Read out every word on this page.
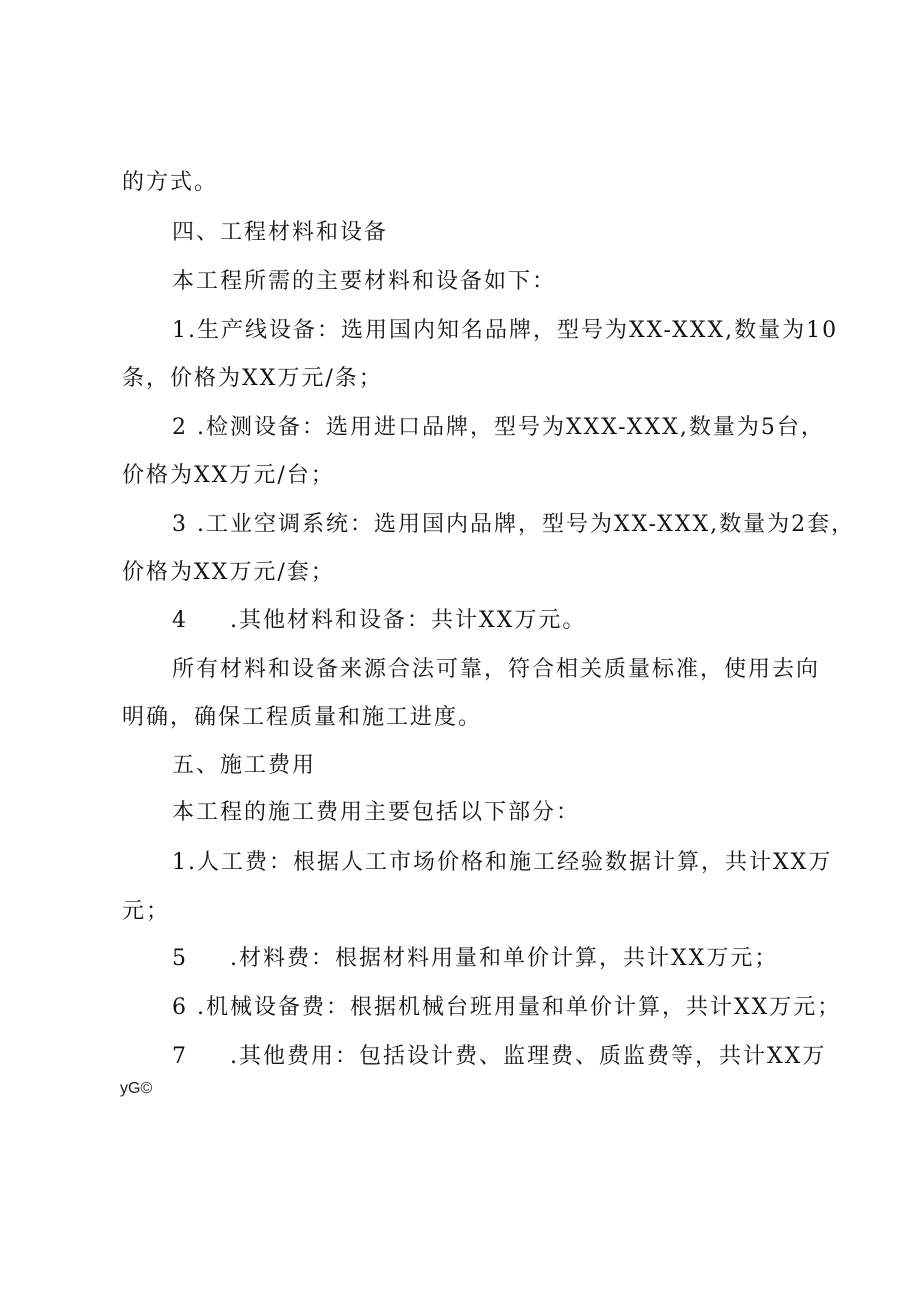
的方式。
四、工程材料和设备
本工程所需的主要材料和设备如下：
1.生产线设备：选用国内知名品牌，型号为XX-XXX,数量为10
条，价格为XX万元/条；
2 .检测设备：选用进口品牌，型号为XXX-XXX,数量为5台，
价格为XX万元/台；
3 .工业空调系统：选用国内品牌，型号为XX-XXX,数量为2套，
价格为XX万元/套；
4 .其他材料和设备：共计XX万元。
所有材料和设备来源合法可靠，符合相关质量标准，使用去向
明确，确保工程质量和施工进度。
五、施工费用
本工程的施工费用主要包括以下部分：
1.人工费：根据人工市场价格和施工经验数据计算，共计XX万
元；
5 .材料费：根据材料用量和单价计算，共计XX万元；
6 .机械设备费：根据机械台班用量和单价计算，共计XX万元；
7 .其他费用：包括设计费、监理费、质监费等，共计XX万
yG©
